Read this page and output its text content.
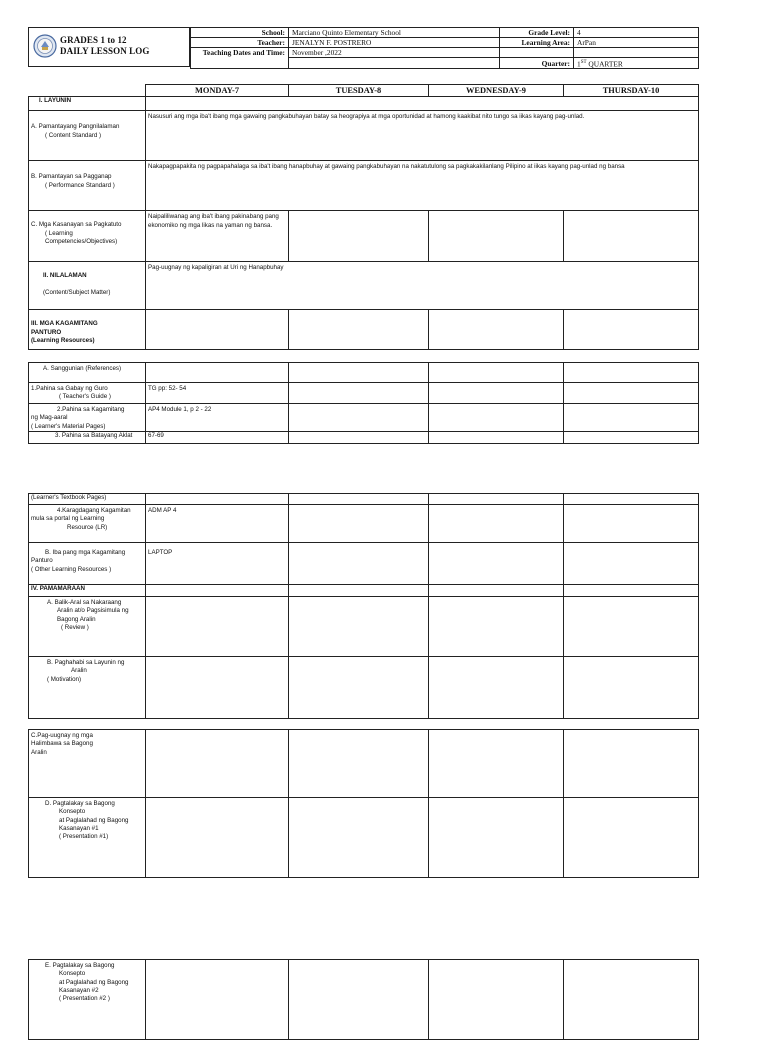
GRADES 1 to 12
DAILY LESSON LOG
School:	Marciano Quinto Elementary School	Grade Level:	4
Teacher:	JENALYN F. POSTRERO	Learning Area:	ArPan
Teaching Dates and Time:	November ,2022		
		Quarter:	1ST QUARTER
	MONDAY-7	TUESDAY-8	WEDNESDAY-9	THURSDAY-10
I. LAYUNIN				

A. Pamantayang Pangnilalaman
( Content Standard )	Nasusuri ang mga iba't ibang mga gawaing pangkabuhayan batay sa heograpiya at mga oportunidad at hamong kaakibat nito tungo sa iikas kayang pag-unlad.			

B. Pamantayan sa Pagganap
( Performance Standard )	Nakapagpapakita ng pagpapahalaga sa iba't ibang hanapbuhay at gawaing pangkabuhayan na nakatutulong sa pagkakakilanlang Pilipino at iikas kayang pag-unlad ng bansa			

C. Mga Kasanayan sa Pagkatuto
( Learning
Competencies/Objectives)	Naipaliliwanag ang iba't ibang pakinabang pang ekonomiko ng mga likas na yaman ng bansa.			

II. NILALAMAN
(Content/Subject Matter)	Pag-uugnay ng kapaligiran at Uri ng Hanapbuhay			

III. MGA KAGAMITANG
PANTURO
(Learning Resources)				

A. Sanggunian (References)				

1.Pahina sa Gabay ng Guro
( Teacher's Guide )	TG pp: 52- 54			

2.Pahina sa Kagamitang
ng Mag-aaral
( Learner's Material Pages)	AP4 Module 1, p 2 - 22			
3. Pahina sa Batayang Aklat	67-69			
(Learner's Textbook Pages)				

4.Karagdagang Kagamitan
mula sa portal ng Learning
Resource (LR)	ADM AP 4			

B. Iba pang mga Kagamitang
Panturo
( Other Learning Resources )	LAPTOP			
IV. PAMAMARAAN				

A. Balik-Aral sa Nakaraang
Aralin at/o Pagsisimula ng
Bagong Aralin
( Review )				

B. Paghahabi sa Layunin ng
Aralin
( Motivation)				

C.Pag-uugnay ng mga
Halimbawa sa Bagong
Aralin				

D. Pagtalakay sa Bagong
Konsepto
at Paglalahad ng Bagong
Kasanayan #1
( Presentation #1)				

E. Pagtalakay sa Bagong
Konsepto
at Paglalahad ng Bagong
Kasanayan #2
( Presentation #2 )
